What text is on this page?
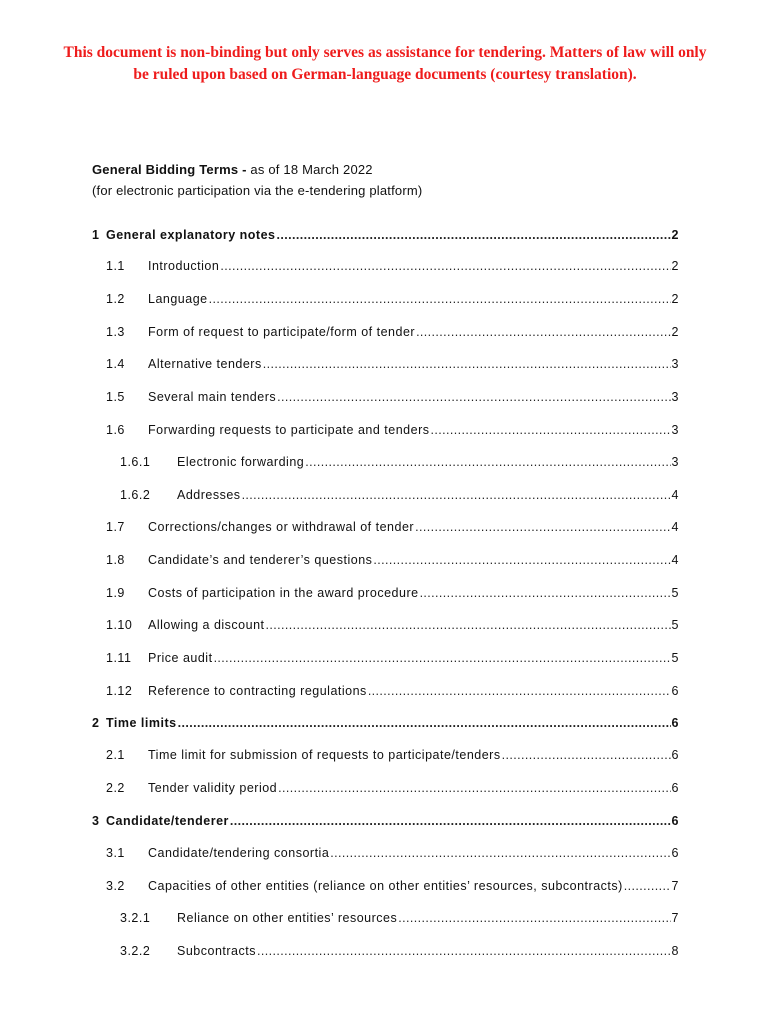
This document is non-binding but only serves as assistance for tendering. Matters of law will only be ruled upon based on German-language documents (courtesy translation).
General Bidding Terms - as of 18 March 2022
(for electronic participation via the e-tendering platform)
1 General explanatory notes .....	2
1.1 Introduction .....	2
1.2 Language .....	2
1.3 Form of request to participate/form of tender .....	2
1.4 Alternative tenders .....	3
1.5 Several main tenders .....	3
1.6 Forwarding requests to participate and tenders .....	3
1.6.1 Electronic forwarding .....	3
1.6.2 Addresses .....	4
1.7 Corrections/changes or withdrawal of tender .....	4
1.8 Candidate’s and tenderer’s questions .....	4
1.9 Costs of participation in the award procedure .....	5
1.10 Allowing a discount .....	5
1.11 Price audit .....	5
1.12 Reference to contracting regulations .....	6
2 Time limits .....	6
2.1 Time limit for submission of requests to participate/tenders .....	6
2.2 Tender validity period .....	6
3 Candidate/tenderer .....	6
3.1 Candidate/tendering consortia .....	6
3.2 Capacities of other entities (reliance on other entities’ resources, subcontracts) .....	7
3.2.1 Reliance on other entities’ resources .....	7
3.2.2 Subcontracts .....	8
